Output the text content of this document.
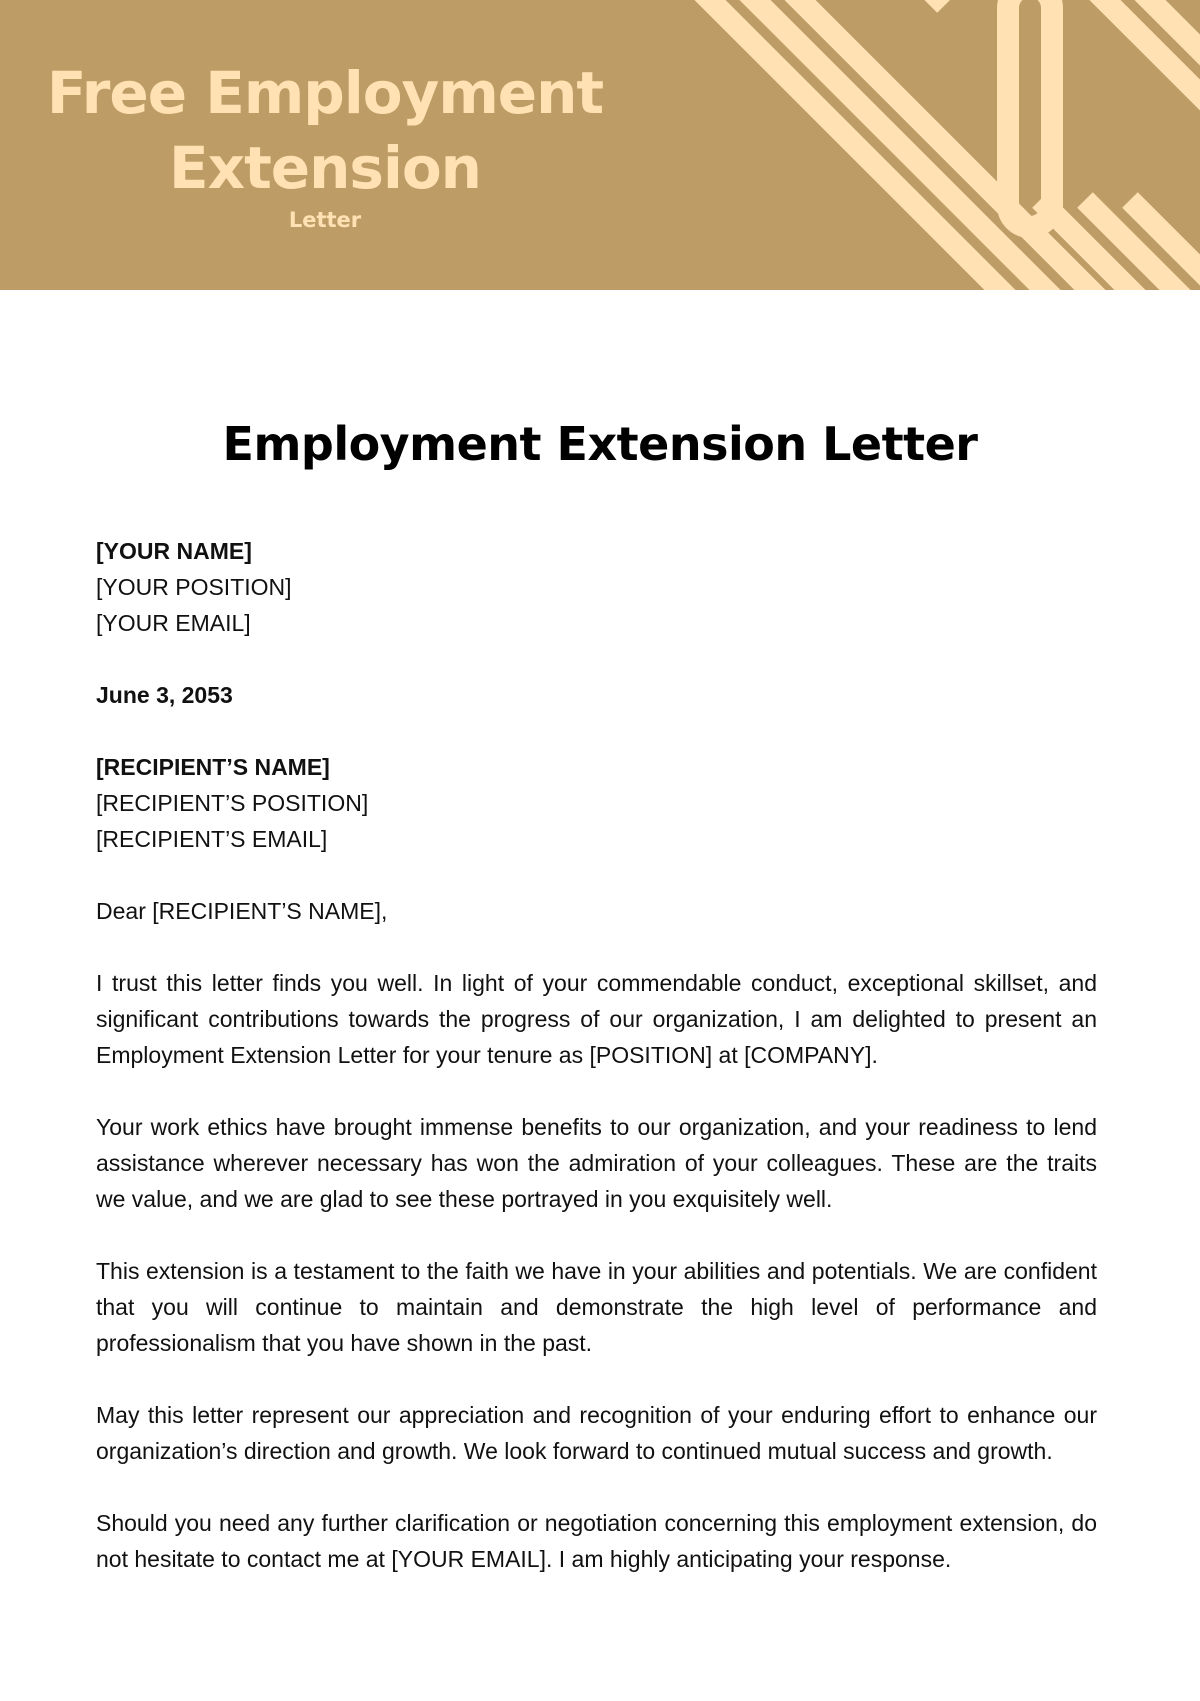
Free Employment
Extension
Letter
Employment Extension Letter
[YOUR NAME]
[YOUR POSITION]
[YOUR EMAIL]
June 3, 2053
[RECIPIENT’S NAME]
[RECIPIENT’S POSITION]
[RECIPIENT’S EMAIL]
Dear [RECIPIENT’S NAME],

I trust this letter finds you well. In light of your commendable conduct, exceptional skillset, and significant contributions towards the progress of our organization, I am delighted to present an Employment Extension Letter for your tenure as [POSITION] at [COMPANY].

Your work ethics have brought immense benefits to our organization, and your readiness to lend assistance wherever necessary has won the admiration of your colleagues. These are the traits we value, and we are glad to see these portrayed in you exquisitely well.

This extension is a testament to the faith we have in your abilities and potentials. We are confident that you will continue to maintain and demonstrate the high level of performance and professionalism that you have shown in the past.

May this letter represent our appreciation and recognition of your enduring effort to enhance our organization’s direction and growth. We look forward to continued mutual success and growth.

Should you need any further clarification or negotiation concerning this employment extension, do not hesitate to contact me at [YOUR EMAIL]. I am highly anticipating your response.
